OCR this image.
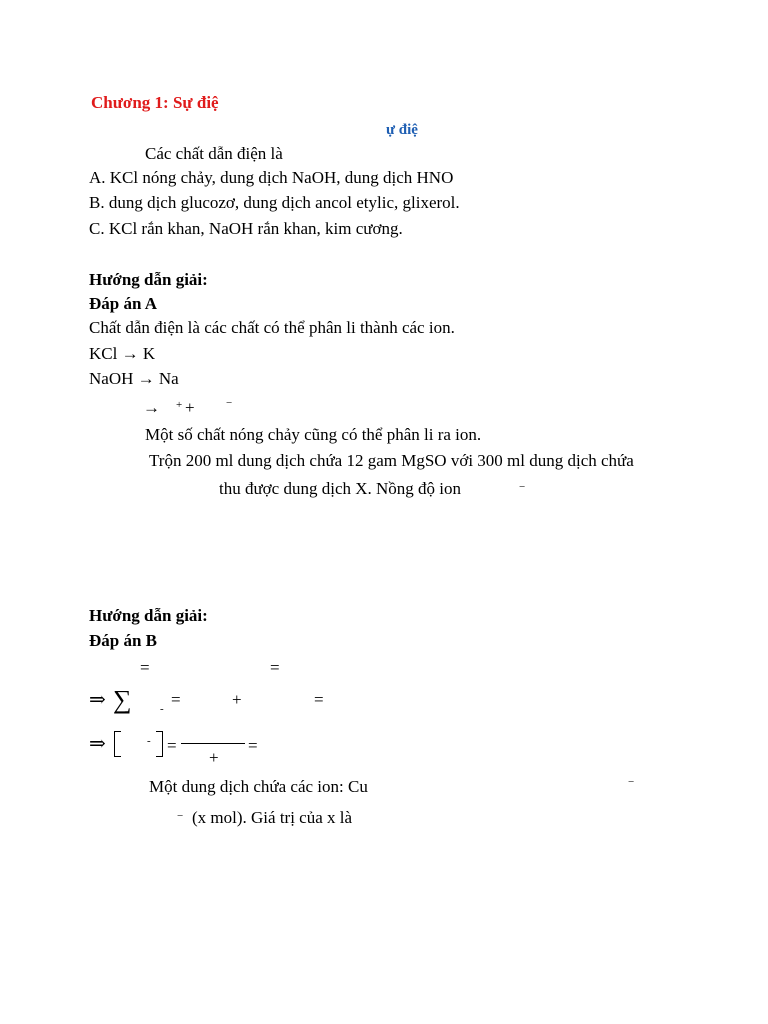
Chương 1: Sự điệ
ự điệ
Các chất dẫn điện là
A. KCl nóng chảy, dung dịch NaOH, dung dịch HNO
B. dung dịch glucozơ, dung dịch ancol etylic, glixerol.
C. KCl rắn khan, NaOH rắn khan, kim cương.
Hướng dẫn giải:
Đáp án A
Chất dẫn điện là các chất có thể phân li thành các ion.
KCl → K
NaOH → Na
→ + +	−
Một số chất nóng chảy cũng có thể phân li ra ion.
Trộn 200 ml dung dịch chứa 12 gam MgSO với 300 ml dung dịch chứa
thu được dung dịch X. Nồng độ ion	−
Hướng dẫn giải:
Đáp án B
=	=
⇒ ∑	- =	+	=
⇒	- =
+
=
Một dung dịch chứa các ion: Cu	−
− (x mol). Giá trị của x là
